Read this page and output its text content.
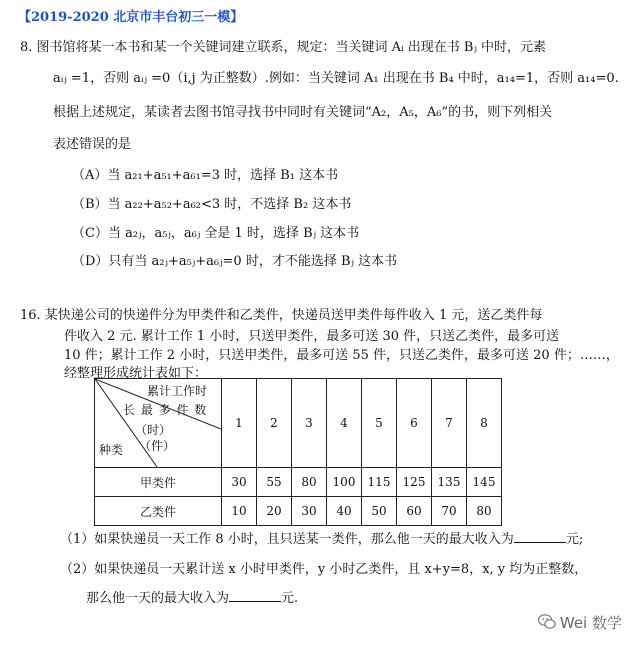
【2019-2020 北京市丰台初三一模】
8. 图书馆将某一本书和某一个关键词建立联系，规定：当关键词 Aᵢ 出现在书 Bⱼ 中时，元素
aᵢⱼ =1，否则 aᵢⱼ =0（i,j 为正整数）.例如：当关键词 A₁ 出现在书 B₄ 中时，a₁₄=1，否则 a₁₄=0.
根据上述规定，某读者去图书馆寻找书中同时有关键词“A₂，A₅，A₆”的书，则下列相关
表述错误的是
（A）当 a₂₁+a₅₁+a₆₁=3 时，选择 B₁ 这本书
（B）当 a₂₂+a₅₂+a₆₂<3 时，不选择 B₂ 这本书
（C）当 a₂ⱼ，a₅ⱼ，a₆ⱼ 全是 1 时，选择 Bⱼ 这本书
（D）只有当 a₂ⱼ+a₅ⱼ+a₆ⱼ=0 时，才不能选择 Bⱼ 这本书
16. 某快递公司的快递件分为甲类件和乙类件，快递员送甲类件每件收入 1 元，送乙类件每
件收入 2 元. 累计工作 1 小时，只送甲类件，最多可送 30 件，只送乙类件，最多可送
10 件；累计工作 2 小时，只送甲类件，最多可送 55 件，只送乙类件，最多可送 20 件；……，
经整理形成统计表如下：
累计工作时
长 最 多 件 数
（时）
（件）
种类	1	2	3	4	5	6	7	8
甲类件	30	55	80	100	115	125	135	145
乙类件	10	20	30	40	50	60	70	80
（1）如果快递员一天工作 8 小时，且只送某一类件，那么他一天的最大收入为	元;
（2）如果快递员一天累计送 x 小时甲类件，y 小时乙类件，且 x+y=8，x, y 均为正整数，
那么他一天的最大收入为	元.
Wei 数学
